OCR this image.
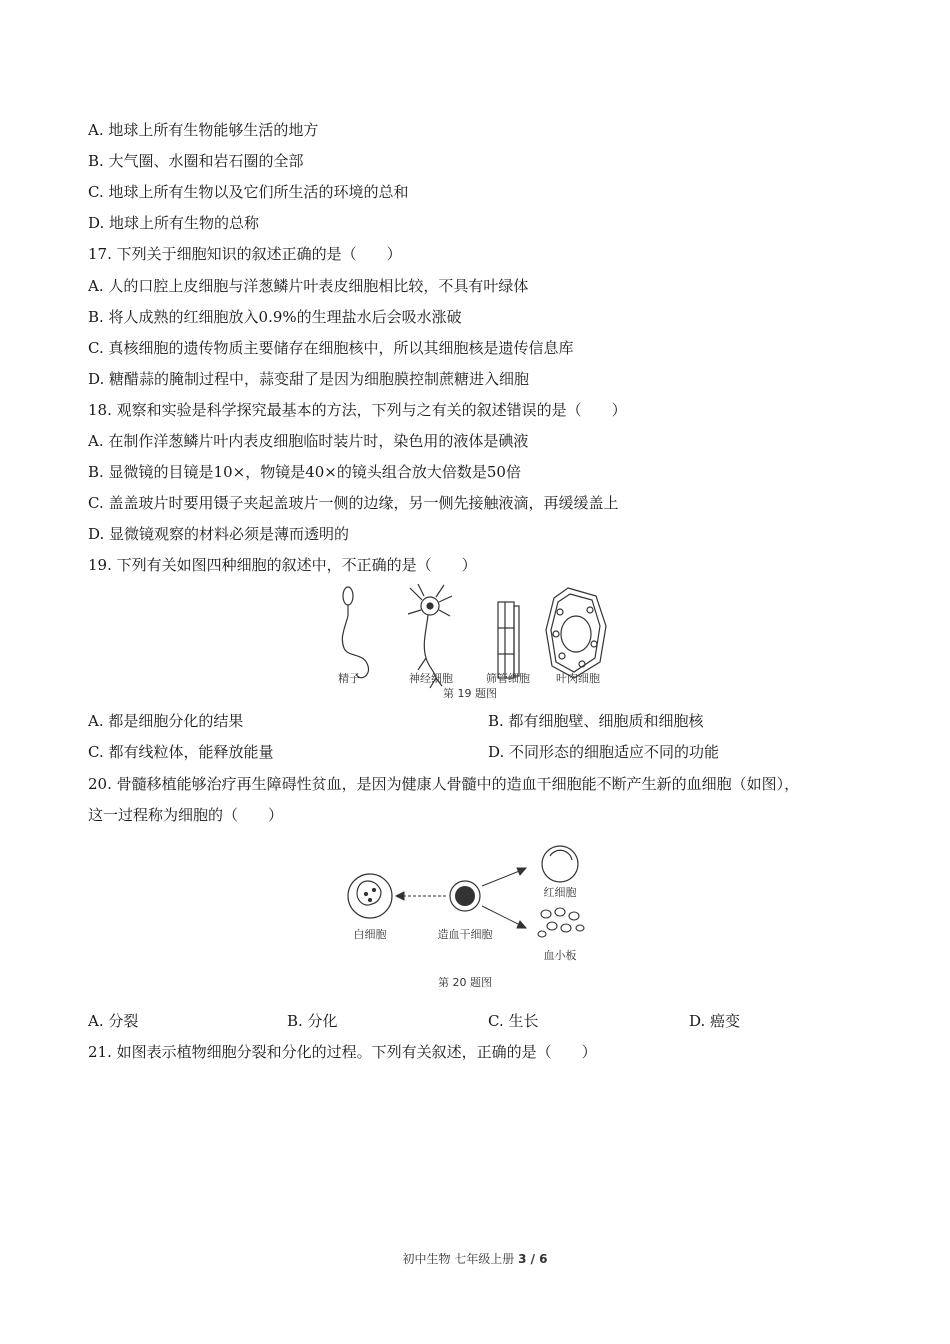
A. 地球上所有生物能够生活的地方
B. 大气圈、水圈和岩石圈的全部
C. 地球上所有生物以及它们所生活的环境的总和
D. 地球上所有生物的总称
17. 下列关于细胞知识的叙述正确的是（　　）
A. 人的口腔上皮细胞与洋葱鳞片叶表皮细胞相比较，不具有叶绿体
B. 将人成熟的红细胞放入0.9%的生理盐水后会吸水涨破
C. 真核细胞的遗传物质主要储存在细胞核中，所以其细胞核是遗传信息库
D. 糖醋蒜的腌制过程中，蒜变甜了是因为细胞膜控制蔗糖进入细胞
18. 观察和实验是科学探究最基本的方法，下列与之有关的叙述错误的是（　　）
A. 在制作洋葱鳞片叶内表皮细胞临时装片时，染色用的液体是碘液
B. 显微镜的目镜是10×，物镜是40×的镜头组合放大倍数是50倍
C. 盖盖玻片时要用镊子夹起盖玻片一侧的边缘，另一侧先接触液滴，再缓缓盖上
D. 显微镜观察的材料必须是薄而透明的
19. 下列有关如图四种细胞的叙述中，不正确的是（　　）
精子	神经细胞	筛管细胞 叶肉细胞
第 19 题图
A. 都是细胞分化的结果	B. 都有细胞壁、细胞质和细胞核
C. 都有线粒体，能释放能量	D. 不同形态的细胞适应不同的功能
20. 骨髓移植能够治疗再生障碍性贫血，是因为健康人骨髓中的造血干细胞能不断产生新的血细胞（如图），
这一过程称为细胞的（　　）
白细胞	造血干细胞
红细胞
血小板
第 20 题图
A. 分裂	B. 分化	C. 生长	D. 癌变
21. 如图表示植物细胞分裂和分化的过程。下列有关叙述，正确的是（　　）
初中生物 七年级上册 3 / 6
